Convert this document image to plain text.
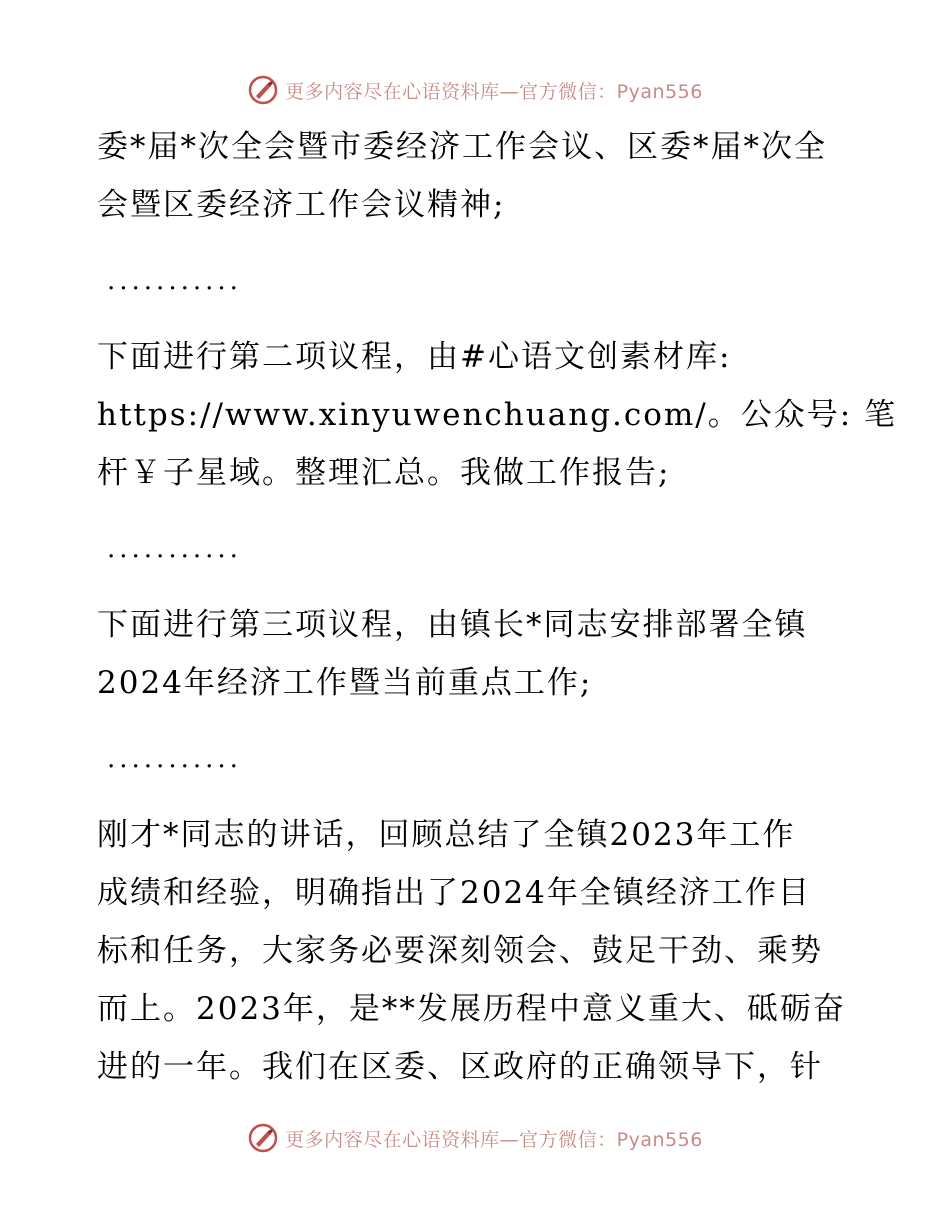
更多内容尽在心语资料库—官方微信：Pyan556

委*届*次全会暨市委经济工作会议、区委*届*次全
会暨区委经济工作会议精神;

...........

下面进行第二项议程，由#心语文创素材库:
https://www.xinyuwenchuang.com/。公众号: 笔
杆￥子星域。整理汇总。我做工作报告;

...........

下面进行第三项议程，由镇长*同志安排部署全镇
2024年经济工作暨当前重点工作;

...........

刚才*同志的讲话，回顾总结了全镇2023年工作
成绩和经验，明确指出了2024年全镇经济工作目
标和任务，大家务必要深刻领会、鼓足干劲、乘势
而上。2023年，是**发展历程中意义重大、砥砺奋
进的一年。我们在区委、区政府的正确领导下，针

更多内容尽在心语资料库—官方微信：Pyan556
